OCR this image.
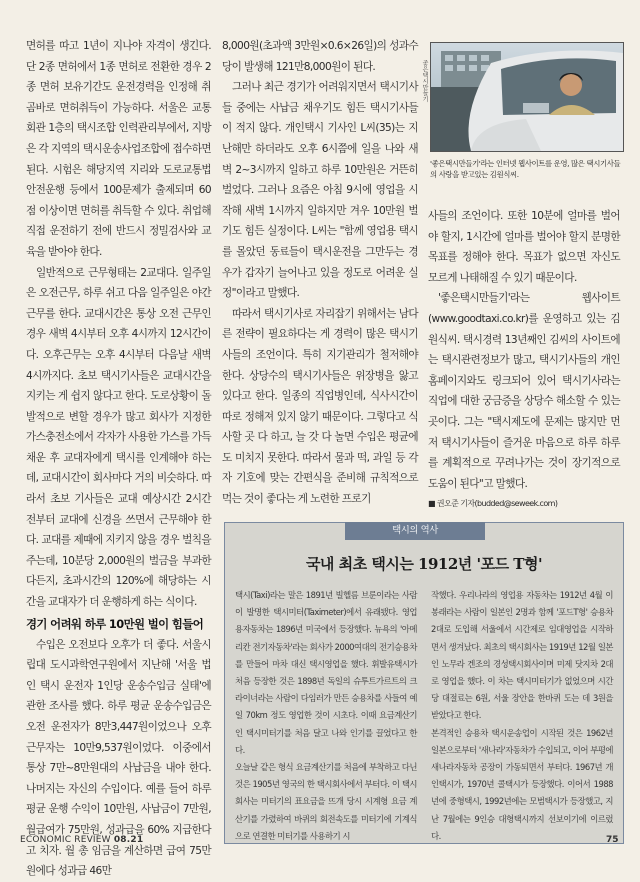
면허를 따고 1년이 지나야 자격이 생긴다. 단 2종 면허에서 1종 면허로 전환한 경우 2종 면허 보유기간도 운전경력을 인정해 취 곰바로 면허취득이 가능하다. 서울은 교통회관 1층의 택시조합 인력관리부에서, 지방은 각 지역의 택시운송사업조합에 접수하면 된다. 시험은 해당지역 지리와 도로교통법 안전운행 등에서 100문제가 출제되며 60점 이상이면 면허를 취득할 수 있다. 취업해 직접 운전하기 전에 반드시 정밀검사와 교육을 받아야 한다.

일반적으로 근무형태는 2교대다. 일주일은 오전근무, 하루 쉬고 다음 일주일은 야간근무를 한다. 교대시간은 통상 오전 근무인 경우 새벽 4시부터 오후 4시까지 12시간이다. 오후근무는 오후 4시부터 다음날 새벽 4시까지다. 초보 택시기사들은 교대시간을 지키는 게 쉽지 않다고 한다. 도로상황이 돌발적으로 변할 경우가 많고 회사가 지정한 가스충전소에서 각자가 사용한 가스를 가득 채운 후 교대자에게 택시를 인계해야 하는 데, 교대시간이 회사마다 거의 비슷하다. 따라서 초보 기사들은 교대 예상시간 2시간 전부터 교대에 신경을 쓰면서 근무해야 한다. 교대를 제때에 지키지 않을 경우 벌칙을 주는데, 10분당 2,000원의 벌금을 부과한다든지, 초과시간의 120%에 해당하는 시간을 교대자가 더 운행하게 하는 식이다.

경기 어려워 하루 10만원 벌이 힘들어

수입은 오전보다 오후가 더 좋다. 서울시립대 도시과학연구원에서 지난해 '서울 법인 택시 운전자 1인당 운송수입금 실태'에 관한 조사를 했다. 하루 평균 운송수입금은 오전 운전자가 8만3,447원이었으나 오후 근무자는 10만9,537원이었다. 이중에서 통상 7만~8만원대의 사납금을 내야 한다. 나머지는 자신의 수입이다. 예를 들어 하루 평균 운행 수익이 10만원, 사납금이 7만원, 월급여가 75만원, 성과급을 60% 지급한다고 치자. 월 총 임금을 계산하면 급여 75만원에다 성과급 46만

8,000원(초과액 3만원×0.6×26일)의 성과수당이 발생해 121만8,000원이 된다.

그러나 최근 경기가 어려워지면서 택시기사들 중에는 사납금 채우기도 힘든 택시기사들이 적지 않다. 개인택시 기사인 L씨(35)는 지난해만 하더라도 오후 6시쯤에 일을 나와 새벽 2~3시까지 일하고 하루 10만원은 거뜬히 벌었다. 그러나 요즘은 아침 9시에 영업을 시작해 새벽 1시까지 일하지만 겨우 10만원 벌기도 힘든 실정이다. L씨는 "함께 영업용 택시를 몰았던 동료들이 택시운전을 그만두는 경우가 갑자기 늘어나고 있을 정도로 어려운 실정"이라고 말했다.

따라서 택시기사로 자리잡기 위해서는 남다른 전략이 필요하다는 게 경력이 많은 택시기사들의 조언이다. 특히 지기관리가 철저해야 한다. 상당수의 택시기사들은 위장병을 앓고 있다고 한다. 일종의 직업병인데, 식사시간이 따로 정해져 있지 않기 때문이다. 그렇다고 식사할 곳 다 하고, 늘 갓 다 놀면 수입은 평균에도 미치지 못한다. 따라서 물과 떡, 과일 등 각자 기호에 맞는 간편식을 준비해 규칙적으로 먹는 것이 좋다는 게 노련한 프로기

좋은택시만들기
'좋은택시만들기'라는 인터넷 웹사이트를 운영, 많은 택시기사들의 사랑을 받고있는 김원식씨.

사들의 조언이다. 또한 10분에 얼마를 벌어야 할지, 1시간에 얼마를 벌어야 할지 분명한 목표를 정해야 한다. 목표가 없으면 자신도 모르게 나태해질 수 있기 때문이다.

'좋은택시만들기'라는 웹사이트(www.goodtaxi.co.kr)를 운영하고 있는 김원식씨. 택시경력 13년째인 김씨의 사이트에는 택시관련정보가 많고, 택시기사들의 개인홈페이지와도 링크되어 있어 택시기사라는 직업에 대한 궁금증을 상당수 해소할 수 있는 곳이다. 그는 "택시제도에 문제는 많지만 먼저 택시기사들이 즐거운 마음으로 하루 하루를 계획적으로 꾸려나가는 것이 장기적으로 도움이 된다"고 말했다.

■ 권오준 기자(budded@seweek.com)

택시의 역사
국내 최초 택시는 1912년 '포드 T형'

택시(Taxi)라는 말은 1891년 빌헬름 브룬이라는 사람이 발명한 택시미터(Taximeter)에서 유래됐다. 영업용자동차는 1896년 미국에서 등장했다. 뉴욕의 '아메리칸 전기자동차'라는 회사가 2000여대의 전기승용차를 만들어 마차 대신 택시영업을 했다. 휘발유택시가 처음 등장한 것은 1898년 독일의 슈투트가르트의 크라이너라는 사람이 다임러가 만든 승용차를 사들여 예일 70km 정도 영업한 것이 시초다. 이때 요금계산기인 택시미터기를 처음 달고 나와 인기를 끌었다고 한다.

오늘날 같은 형식 요금계산기를 처음에 부착하고 다닌 것은 1905년 영국의 한 택시회사에서 부터다. 이 택시회사는 미터기의 표요금을 뜨개 당시 시계형 요금 계산기를 가렸하여 바퀴의 회전속도를 미터기에 기계식으로 연결한 미터기를 사용하기 시

작했다. 우리나라의 영업용 자동차는 1912년 4월 이봉래라는 사람이 일본인 2명과 함께 '포드T형' 승용차 2대로 도입해 서울에서 시간제로 임대영업을 시작하면서 생겨났다. 최초의 택시회사는 1919년 12월 일본인 노무라 겐조의 경성택시회사이며 미제 닷지차 2대로 영업을 했다. 이 차는 택시미터기가 없었으며 시간당 대절료는 6원, 서울 장안을 한바퀴 도는 데 3원을 받았다고 한다.

본격적인 승용차 택시운송업이 시작된 것은 1962년 일본으로부터 '새나라'자동차가 수입되고, 이어 부평에 새나라자동차 공장이 가동되면서 부터다. 1967년 개인택시가, 1970년 콜택시가 등장했다. 이어서 1988년에 중형택시, 1992년에는 모범택시가 등장했고, 지난 7월에는 9인승 대형택시까지 선보이기에 이르렀다.

ECONOMIC REVIEW 08.21	75
